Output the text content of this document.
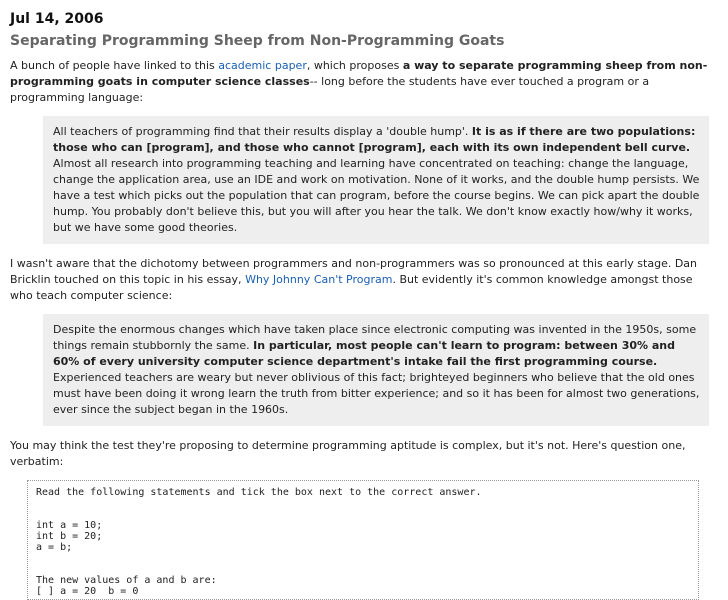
Jul 14, 2006
Separating Programming Sheep from Non-Programming Goats

A bunch of people have linked to this academic paper, which proposes a way to separate programming sheep from non-programming goats in computer science classes-- long before the students have ever touched a program or a programming language:

All teachers of programming find that their results display a 'double hump'. It is as if there are two populations: those who can [program], and those who cannot [program], each with its own independent bell curve. Almost all research into programming teaching and learning have concentrated on teaching: change the language, change the application area, use an IDE and work on motivation. None of it works, and the double hump persists. We have a test which picks out the population that can program, before the course begins. We can pick apart the double hump. You probably don't believe this, but you will after you hear the talk. We don't know exactly how/why it works, but we have some good theories.

I wasn't aware that the dichotomy between programmers and non-programmers was so pronounced at this early stage. Dan Bricklin touched on this topic in his essay, Why Johnny Can't Program. But evidently it's common knowledge amongst those who teach computer science:

Despite the enormous changes which have taken place since electronic computing was invented in the 1950s, some things remain stubbornly the same. In particular, most people can't learn to program: between 30% and 60% of every university computer science department's intake fail the first programming course. Experienced teachers are weary but never oblivious of this fact; brighteyed beginners who believe that the old ones must have been doing it wrong learn the truth from bitter experience; and so it has been for almost two generations, ever since the subject began in the 1960s.

You may think the test they're proposing to determine programming aptitude is complex, but it's not. Here's question one, verbatim:

Read the following statements and tick the box next to the correct answer.

int a = 10;
int b = 20;
a = b;

The new values of a and b are:
[ ] a = 20  b = 0
